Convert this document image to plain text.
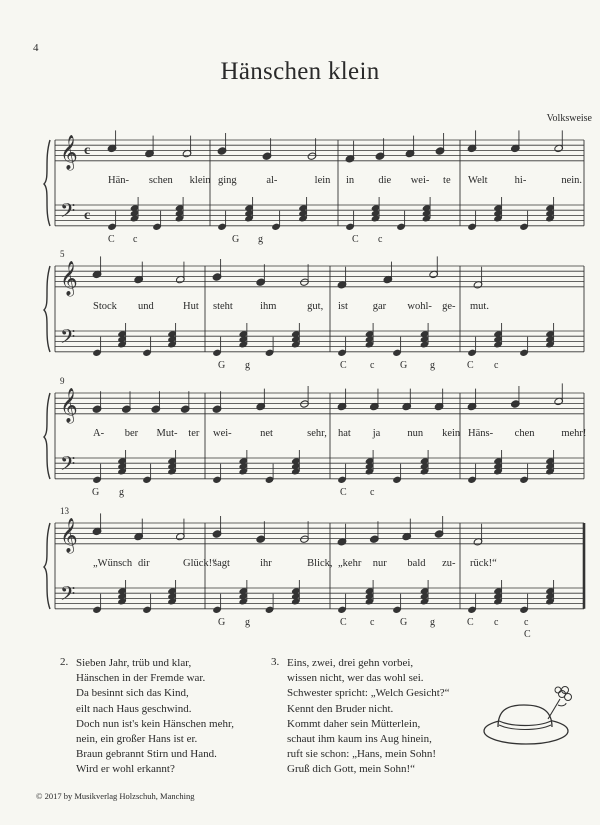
4
Hänschen klein
Volksweise
𝄞
𝄢
c
c
Hän- schen klein ging	al-	lein in die wei- te Welt	hi-	nein.
C c	G g	C c
𝄞
𝄢
5
Stock und	Hut steht	ihm	gut, ist gar wohl- ge- mut.
G g	C c	G g	C c
𝄞
𝄢
9
A- ber Mut- ter wei-	net	sehr, hat ja	nun kein Häns- chen	mehr!
G g	C c
𝄞
𝄢
13
„Wünsch dir	Glück!“
sagt	ihr	Blick, „kehr nur bald zu- rück!“
G g	C c	G g	C c	c
C
2. Sieben Jahr, trüb und klar,
Hänschen in der Fremde war.
Da besinnt sich das Kind,
eilt nach Haus geschwind.
Doch nun ist's kein Hänschen mehr,
nein, ein großer Hans ist er.
Braun gebrannt Stirn und Hand.
Wird er wohl erkannt?
3. Eins, zwei, drei gehn vorbei,
wissen nicht, wer das wohl sei.
Schwester spricht: „Welch Gesicht?“
Kennt den Bruder nicht.
Kommt daher sein Mütterlein,
schaut ihm kaum ins Aug hinein,
ruft sie schon: „Hans, mein Sohn!
Gruß dich Gott, mein Sohn!“
© 2017 by Musikverlag Holzschuh, Manching
